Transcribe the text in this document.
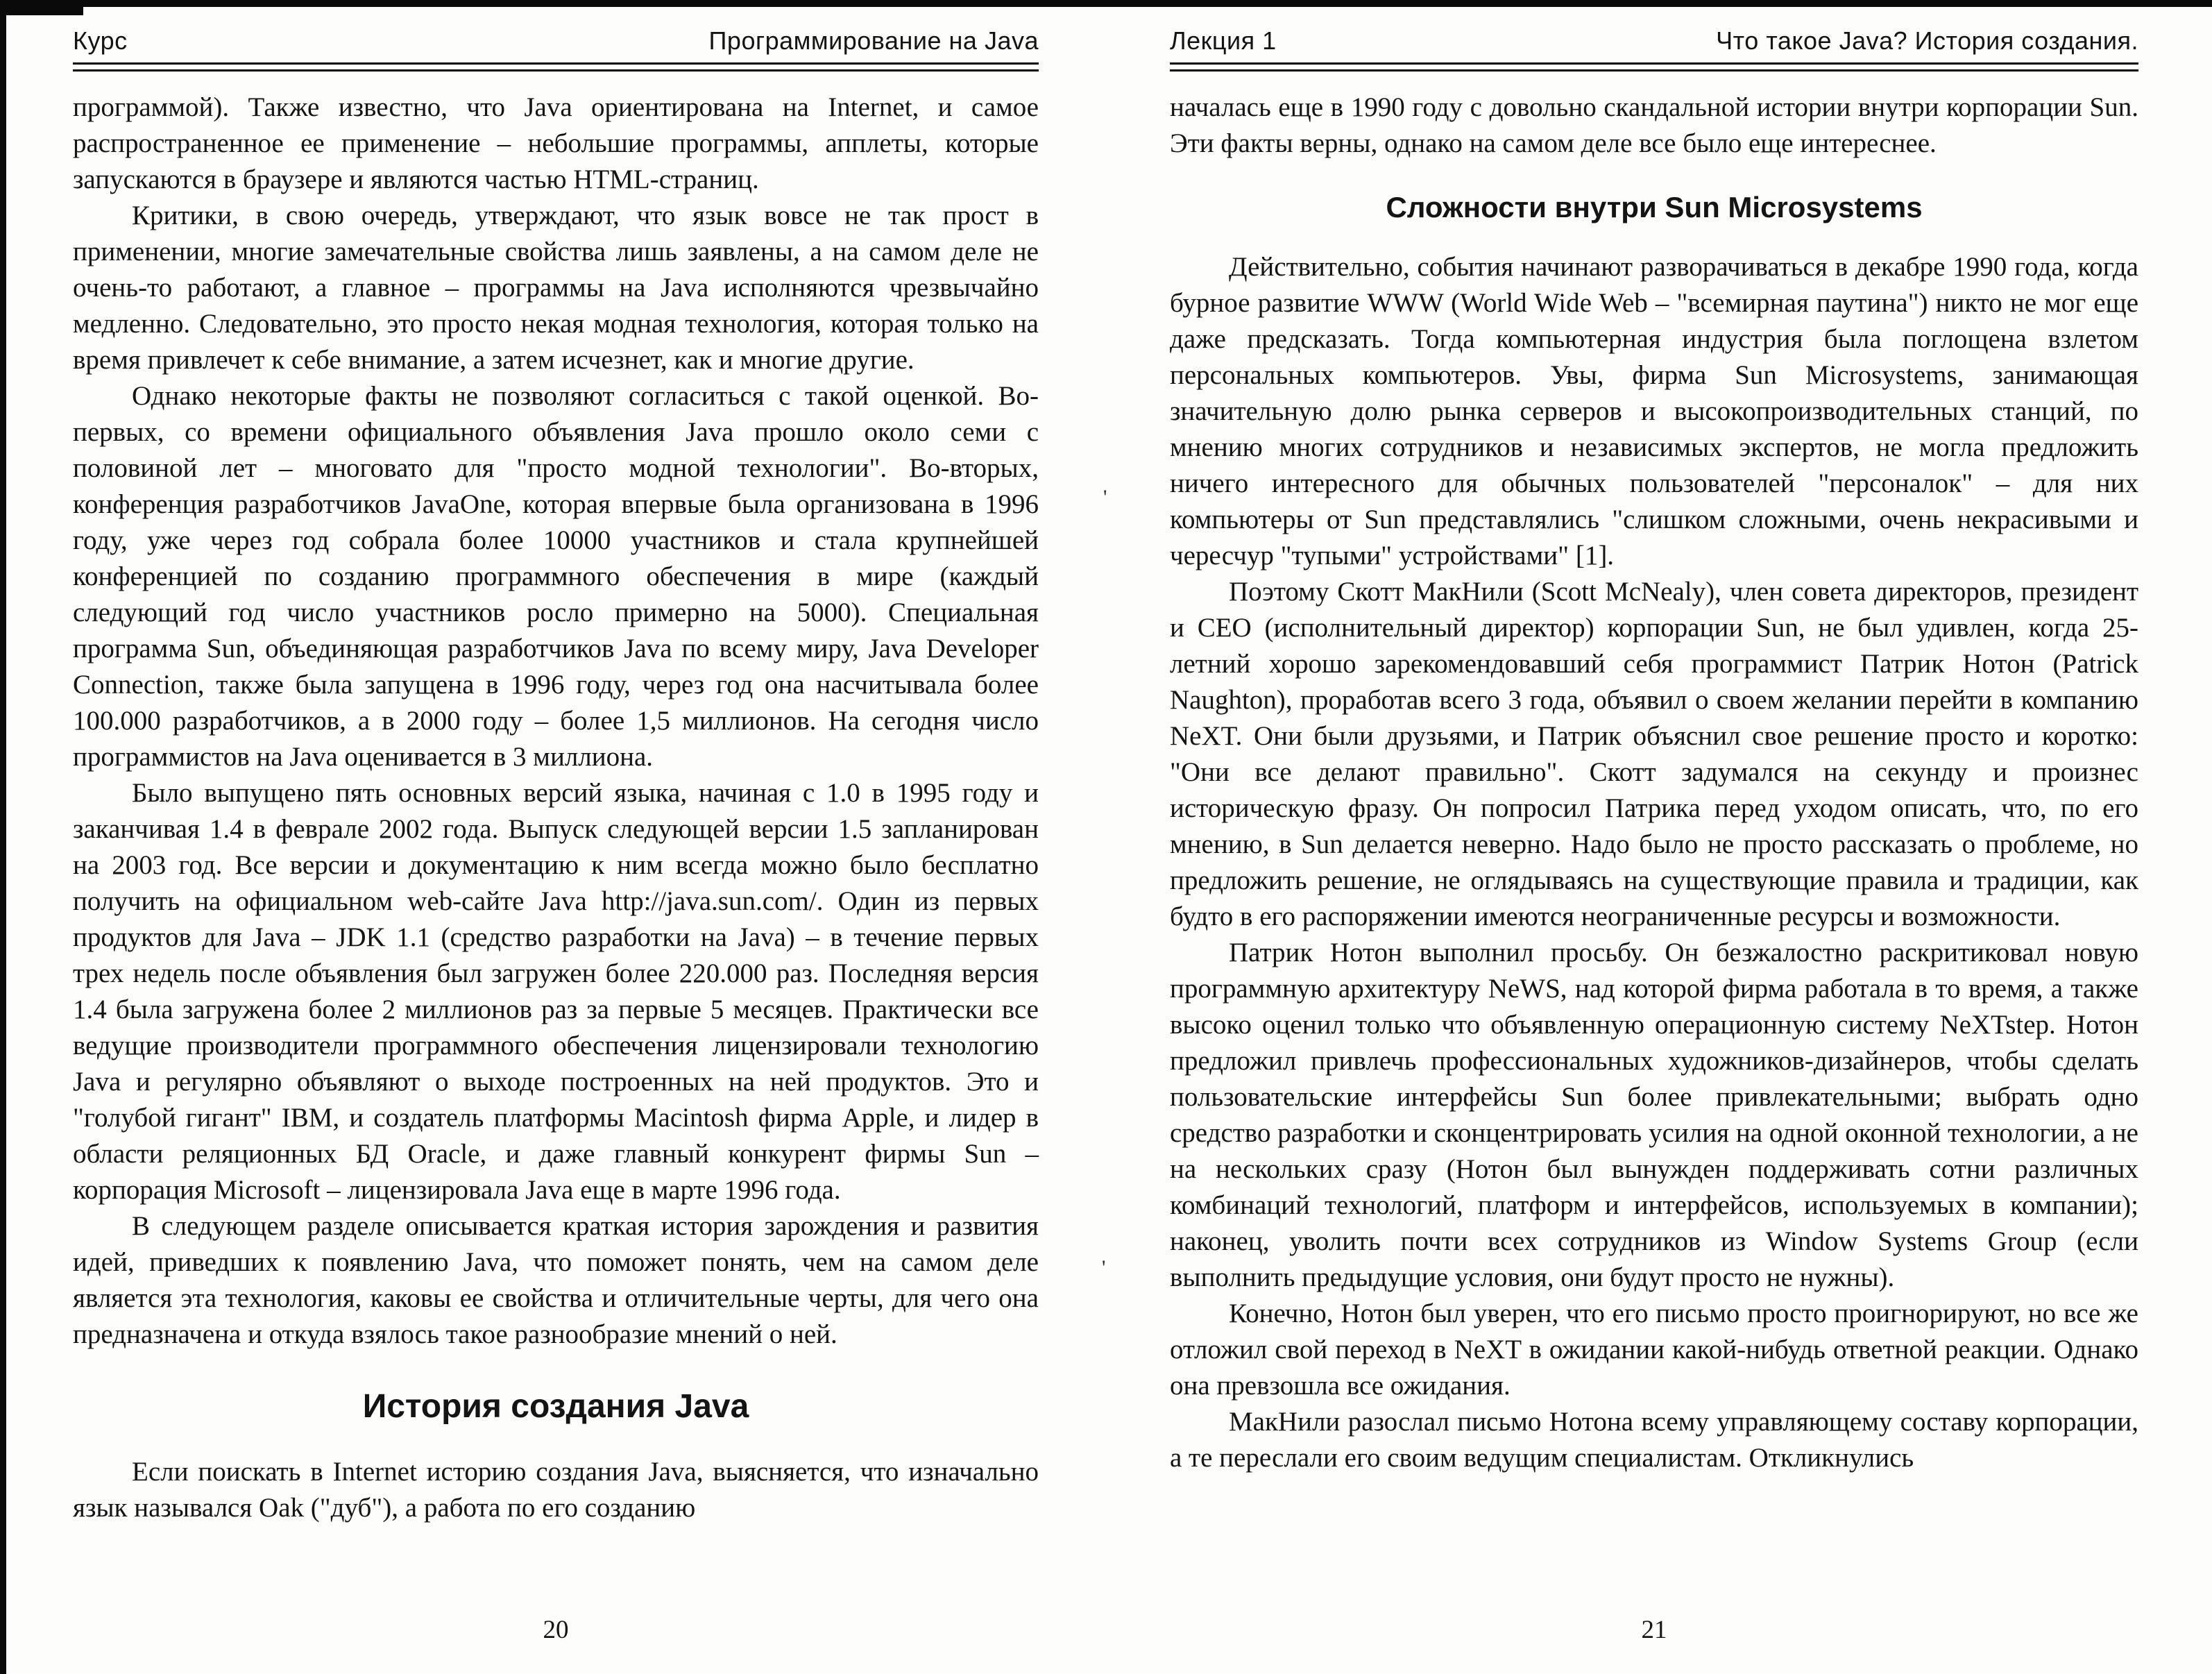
'
'
Курс	Программирование на Java

программой). Также известно, что Java ориентирована на Internet, и самое распространенное ее применение – небольшие программы, апплеты, которые запускаются в браузере и являются частью HTML-страниц.

Критики, в свою очередь, утверждают, что язык вовсе не так прост в применении, многие замечательные свойства лишь заявлены, а на самом деле не очень-то работают, а главное – программы на Java исполняются чрезвычайно медленно. Следовательно, это просто некая модная технология, которая только на время привлечет к себе внимание, а затем исчезнет, как и многие другие.

Однако некоторые факты не позволяют согласиться с такой оценкой. Во-первых, со времени официального объявления Java прошло около семи с половиной лет – многовато для "просто модной технологии". Во-вторых, конференция разработчиков JavaOne, которая впервые была организована в 1996 году, уже через год собрала более 10000 участников и стала крупнейшей конференцией по созданию программного обеспечения в мире (каждый следующий год число участников росло примерно на 5000). Специальная программа Sun, объединяющая разработчиков Java по всему миру, Java Developer Connection, также была запущена в 1996 году, через год она насчитывала более 100.000 разработчиков, а в 2000 году – более 1,5 миллионов. На сегодня число программистов на Java оценивается в 3 миллиона.

Было выпущено пять основных версий языка, начиная с 1.0 в 1995 году и заканчивая 1.4 в феврале 2002 года. Выпуск следующей версии 1.5 запланирован на 2003 год. Все версии и документацию к ним всегда можно было бесплатно получить на официальном web-сайте Java http://java.sun.com/. Один из первых продуктов для Java – JDK 1.1 (средство разработки на Java) – в течение первых трех недель после объявления был загружен более 220.000 раз. Последняя версия 1.4 была загружена более 2 миллионов раз за первые 5 месяцев. Практически все ведущие производители программного обеспечения лицензировали технологию Java и регулярно объявляют о выходе построенных на ней продуктов. Это и "голубой гигант" IBM, и создатель платформы Macintosh фирма Apple, и лидер в области реляционных БД Oracle, и даже главный конкурент фирмы Sun – корпорация Microsoft – лицензировала Java еще в марте 1996 года.

В следующем разделе описывается краткая история зарождения и развития идей, приведших к появлению Java, что поможет понять, чем на самом деле является эта технология, каковы ее свойства и отличительные черты, для чего она предназначена и откуда взялось такое разнообразие мнений о ней.

История создания Java

Если поискать в Internet историю создания Java, выясняется, что изначально язык назывался Oak ("дуб"), а работа по его созданию

20
Лекция 1	Что такое Java? История создания.

началась еще в 1990 году с довольно скандальной истории внутри корпорации Sun. Эти факты верны, однако на самом деле все было еще интереснее.

Сложности внутри Sun Microsystems

Действительно, события начинают разворачиваться в декабре 1990 года, когда бурное развитие WWW (World Wide Web – "всемирная паутина") никто не мог еще даже предсказать. Тогда компьютерная индустрия была поглощена взлетом персональных компьютеров. Увы, фирма Sun Microsystems, занимающая значительную долю рынка серверов и высокопроизводительных станций, по мнению многих сотрудников и независимых экспертов, не могла предложить ничего интересного для обычных пользователей "персоналок" – для них компьютеры от Sun представлялись "слишком сложными, очень некрасивыми и чересчур "тупыми" устройствами" [1].

Поэтому Скотт МакНили (Scott McNealy), член совета директоров, президент и CEO (исполнительный директор) корпорации Sun, не был удивлен, когда 25-летний хорошо зарекомендовавший себя программист Патрик Нотон (Patrick Naughton), проработав всего 3 года, объявил о своем желании перейти в компанию NeXT. Они были друзьями, и Патрик объяснил свое решение просто и коротко: "Они все делают правильно". Скотт задумался на секунду и произнес историческую фразу. Он попросил Патрика перед уходом описать, что, по его мнению, в Sun делается неверно. Надо было не просто рассказать о проблеме, но предложить решение, не оглядываясь на существующие правила и традиции, как будто в его распоряжении имеются неограниченные ресурсы и возможности.

Патрик Нотон выполнил просьбу. Он безжалостно раскритиковал новую программную архитектуру NeWS, над которой фирма работала в то время, а также высоко оценил только что объявленную операционную систему NeXTstep. Нотон предложил привлечь профессиональных художников-дизайнеров, чтобы сделать пользовательские интерфейсы Sun более привлекательными; выбрать одно средство разработки и сконцентрировать усилия на одной оконной технологии, а не на нескольких сразу (Нотон был вынужден поддерживать сотни различных комбинаций технологий, платформ и интерфейсов, используемых в компании); наконец, уволить почти всех сотрудников из Window Systems Group (если выполнить предыдущие условия, они будут просто не нужны).

Конечно, Нотон был уверен, что его письмо просто проигнорируют, но все же отложил свой переход в NeXT в ожидании какой-нибудь ответной реакции. Однако она превзошла все ожидания.

МакНили разослал письмо Нотона всему управляющему составу корпорации, а те переслали его своим ведущим специалистам. Откликнулись

21
